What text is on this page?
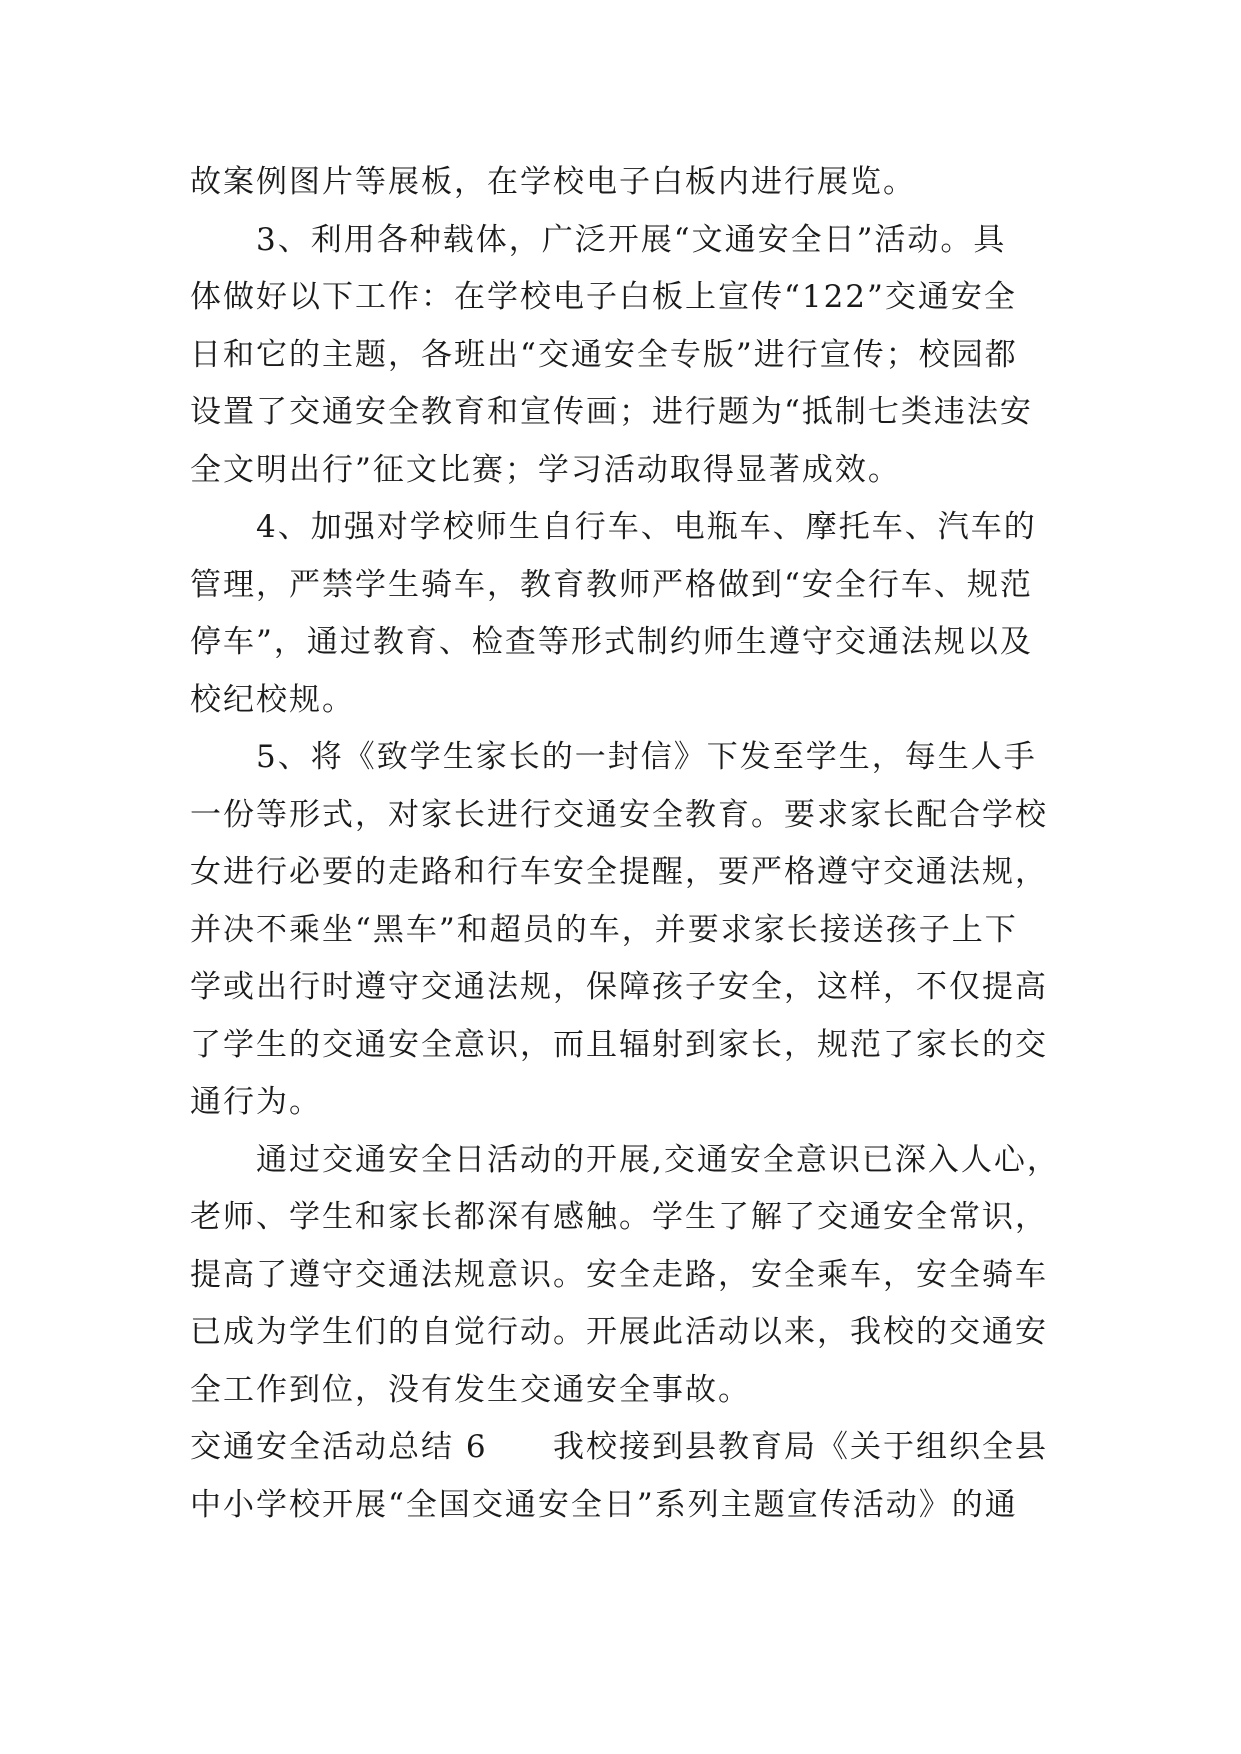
故案例图片等展板，在学校电子白板内进行展览。
3、利用各种载体，广泛开展“文通安全日”活动。具
体做好以下工作：在学校电子白板上宣传“122”交通安全
日和它的主题，各班出“交通安全专版”进行宣传；校园都
设置了交通安全教育和宣传画；进行题为“抵制七类违法安
全文明出行”征文比赛；学习活动取得显著成效。
4、加强对学校师生自行车、电瓶车、摩托车、汽车的
管理，严禁学生骑车，教育教师严格做到“安全行车、规范
停车”，通过教育、检查等形式制约师生遵守交通法规以及
校纪校规。
5、将《致学生家长的一封信》下发至学生，每生人手
一份等形式，对家长进行交通安全教育。要求家长配合学校
女进行必要的走路和行车安全提醒，要严格遵守交通法规，
并决不乘坐“黑车”和超员的车，并要求家长接送孩子上下
学或出行时遵守交通法规，保障孩子安全，这样，不仅提高
了学生的交通安全意识，而且辐射到家长，规范了家长的交
通行为。
通过交通安全日活动的开展,交通安全意识已深入人心，
老师、学生和家长都深有感触。学生了解了交通安全常识，
提高了遵守交通法规意识。安全走路，安全乘车，安全骑车
已成为学生们的自觉行动。开展此活动以来，我校的交通安
全工作到位，没有发生交通安全事故。
交通安全活动总结 6 我校接到县教育局《关于组织全县
中小学校开展“全国交通安全日”系列主题宣传活动》的通
